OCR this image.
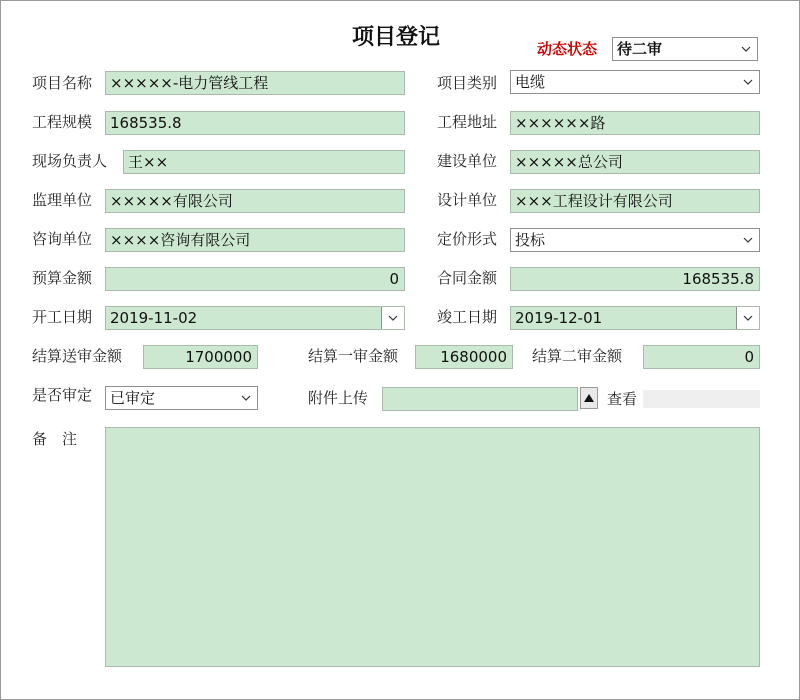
项目登记	动态状态	待二审
项目名称	×××××-电力管线工程	项目类别	电缆
工程规模	168535.8	工程地址	××××××路
现场负责人	王××	建设单位	×××××总公司
监理单位	×××××有限公司	设计单位	×××工程设计有限公司
咨询单位	××××咨询有限公司	定价形式	投标
预算金额	0	合同金额	168535.8
开工日期	2019-11-02	竣工日期	2019-12-01
结算送审金额	1700000	结算一审金额	1680000	结算二审金额	0
是否审定	已审定	附件上传	查看
备　注
